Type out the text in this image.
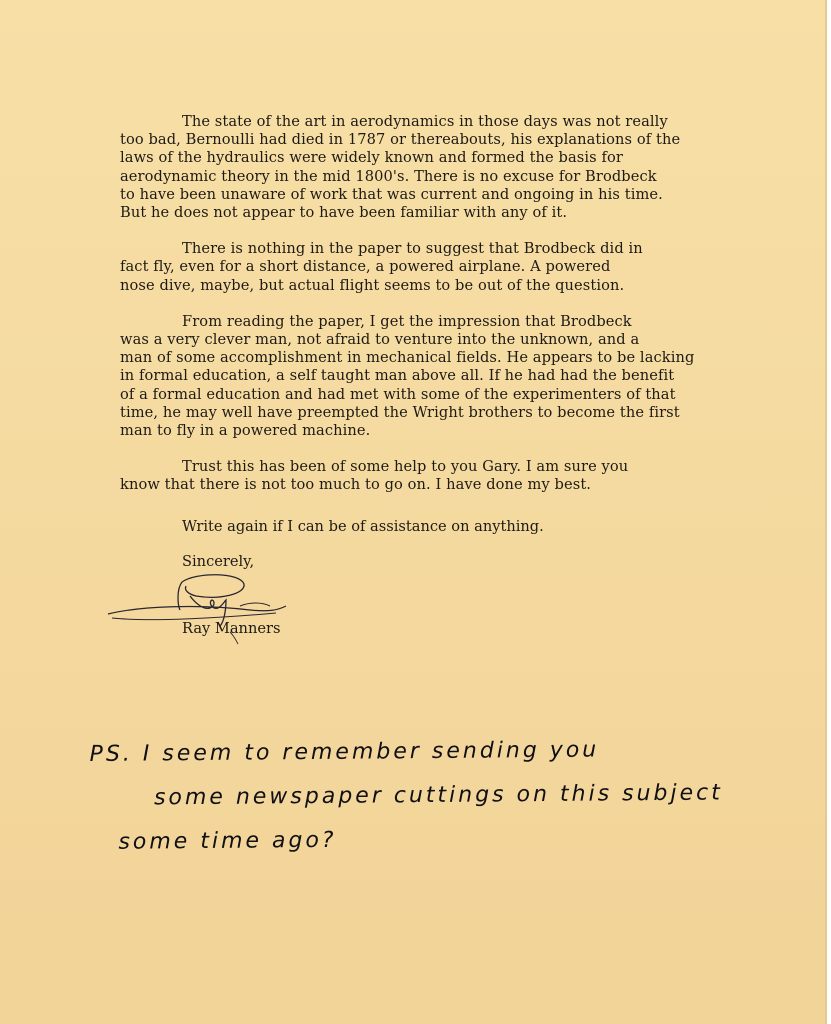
The state of the art in aerodynamics in those days was not really
too bad, Bernoulli had died in 1787 or thereabouts, his explanations of the
laws of the hydraulics were widely known and formed the basis for
aerodynamic theory in the mid 1800's. There is no excuse for Brodbeck
to have been unaware of work that was current and ongoing in his time.
But he does not appear to have been familiar with any of it.

There is nothing in the paper to suggest that Brodbeck did in
fact fly, even for a short distance, a powered airplane. A powered
nose dive, maybe, but actual flight seems to be out of the question.

From reading the paper, I get the impression that Brodbeck
was a very clever man, not afraid to venture into the unknown, and a
man of some accomplishment in mechanical fields. He appears to be lacking
in formal education, a self taught man above all. If he had had the benefit
of a formal education and had met with some of the experimenters of that
time, he may well have preempted the Wright brothers to become the first
man to fly in a powered machine.

Trust this has been of some help to you Gary. I am sure you
know that there is not too much to go on. I have done my best.

Write again if I can be of assistance on anything.
Sincerely,
Ray Manners
PS. I seem to remember sending you
some newspaper cuttings on this subject
some time ago?
